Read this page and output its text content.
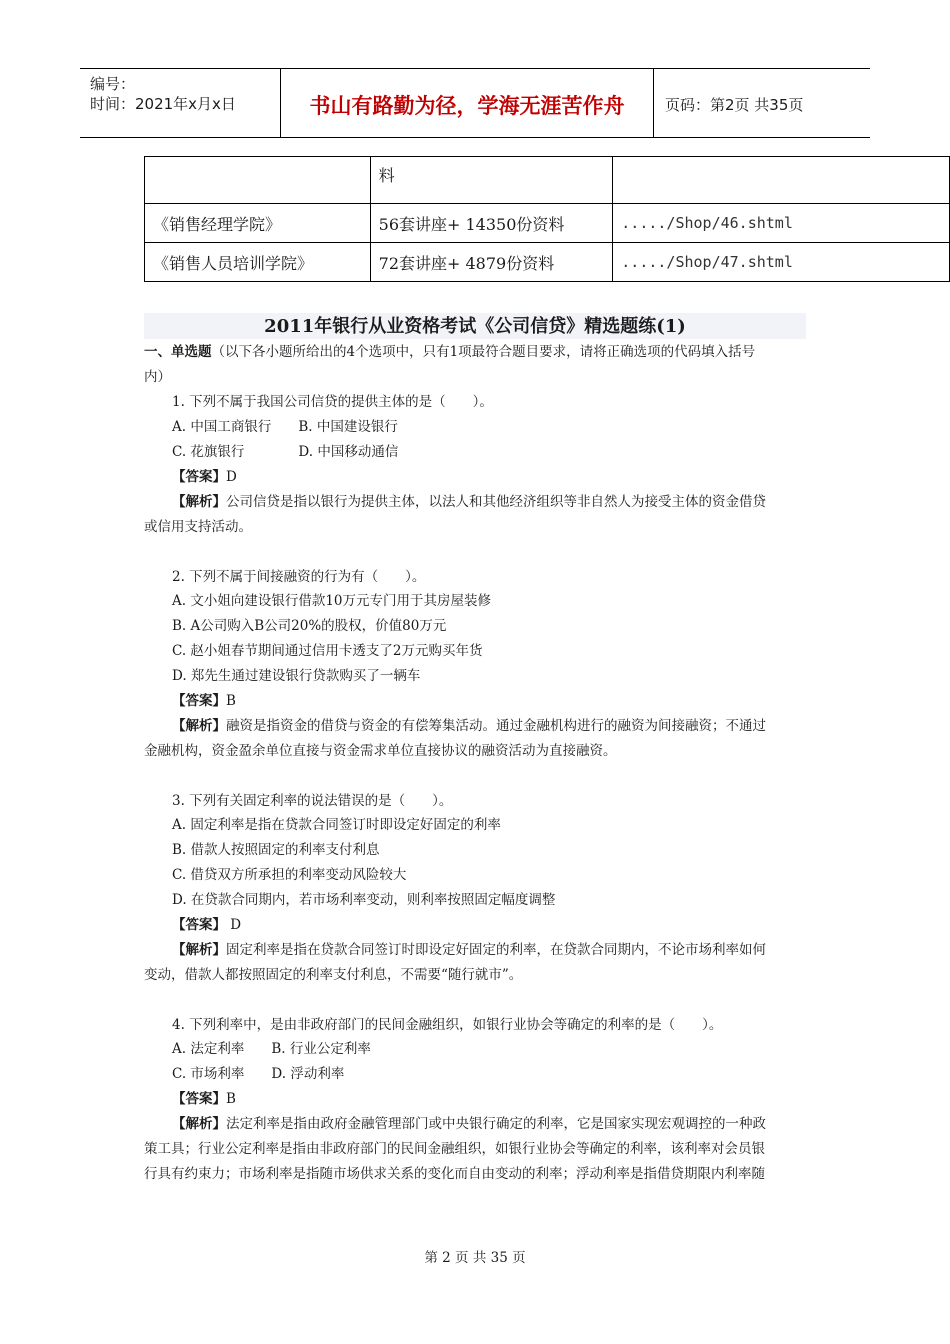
编号：
时间：2021年x月x日	书山有路勤为径，学海无涯苦作舟	页码：第2页 共35页
	料	
《销售经理学院》	56套讲座+ 14350份资料	...../Shop/46.shtml
《销售人员培训学院》	72套讲座+ 4879份资料	...../Shop/47.shtml
2011年银行从业资格考试《公司信贷》精选题练(1)
一、单选题（以下各小题所给出的4个选项中，只有1项最符合题目要求，请将正确选项的代码填入括号
内）
1. 下列不属于我国公司信贷的提供主体的是（　　）。
A. 中国工商银行　　B. 中国建设银行
C. 花旗银行　　　　D. 中国移动通信
【答案】D
【解析】公司信贷是指以银行为提供主体，以法人和其他经济组织等非自然人为接受主体的资金借贷
或信用支持活动。
2. 下列不属于间接融资的行为有（　　）。
A. 文小姐向建设银行借款10万元专门用于其房屋装修
B. A公司购入B公司20%的股权，价值80万元
C. 赵小姐春节期间通过信用卡透支了2万元购买年货
D. 郑先生通过建设银行贷款购买了一辆车
【答案】B
【解析】融资是指资金的借贷与资金的有偿筹集活动。通过金融机构进行的融资为间接融资；不通过
金融机构，资金盈余单位直接与资金需求单位直接协议的融资活动为直接融资。
3. 下列有关固定利率的说法错误的是（　　）。
A. 固定利率是指在贷款合同签订时即设定好固定的利率
B. 借款人按照固定的利率支付利息
C. 借贷双方所承担的利率变动风险较大
D. 在贷款合同期内，若市场利率变动，则利率按照固定幅度调整
【答案】 D
【解析】固定利率是指在贷款合同签订时即设定好固定的利率，在贷款合同期内，不论市场利率如何
变动，借款人都按照固定的利率支付利息，不需要“随行就市”。
4. 下列利率中，是由非政府部门的民间金融组织，如银行业协会等确定的利率的是（　　）。
A. 法定利率　　B. 行业公定利率
C. 市场利率　　D. 浮动利率
【答案】B
【解析】法定利率是指由政府金融管理部门或中央银行确定的利率，它是国家实现宏观调控的一种政
策工具；行业公定利率是指由非政府部门的民间金融组织，如银行业协会等确定的利率，该利率对会员银
行具有约束力；市场利率是指随市场供求关系的变化而自由变动的利率；浮动利率是指借贷期限内利率随
第 2 页 共 35 页
